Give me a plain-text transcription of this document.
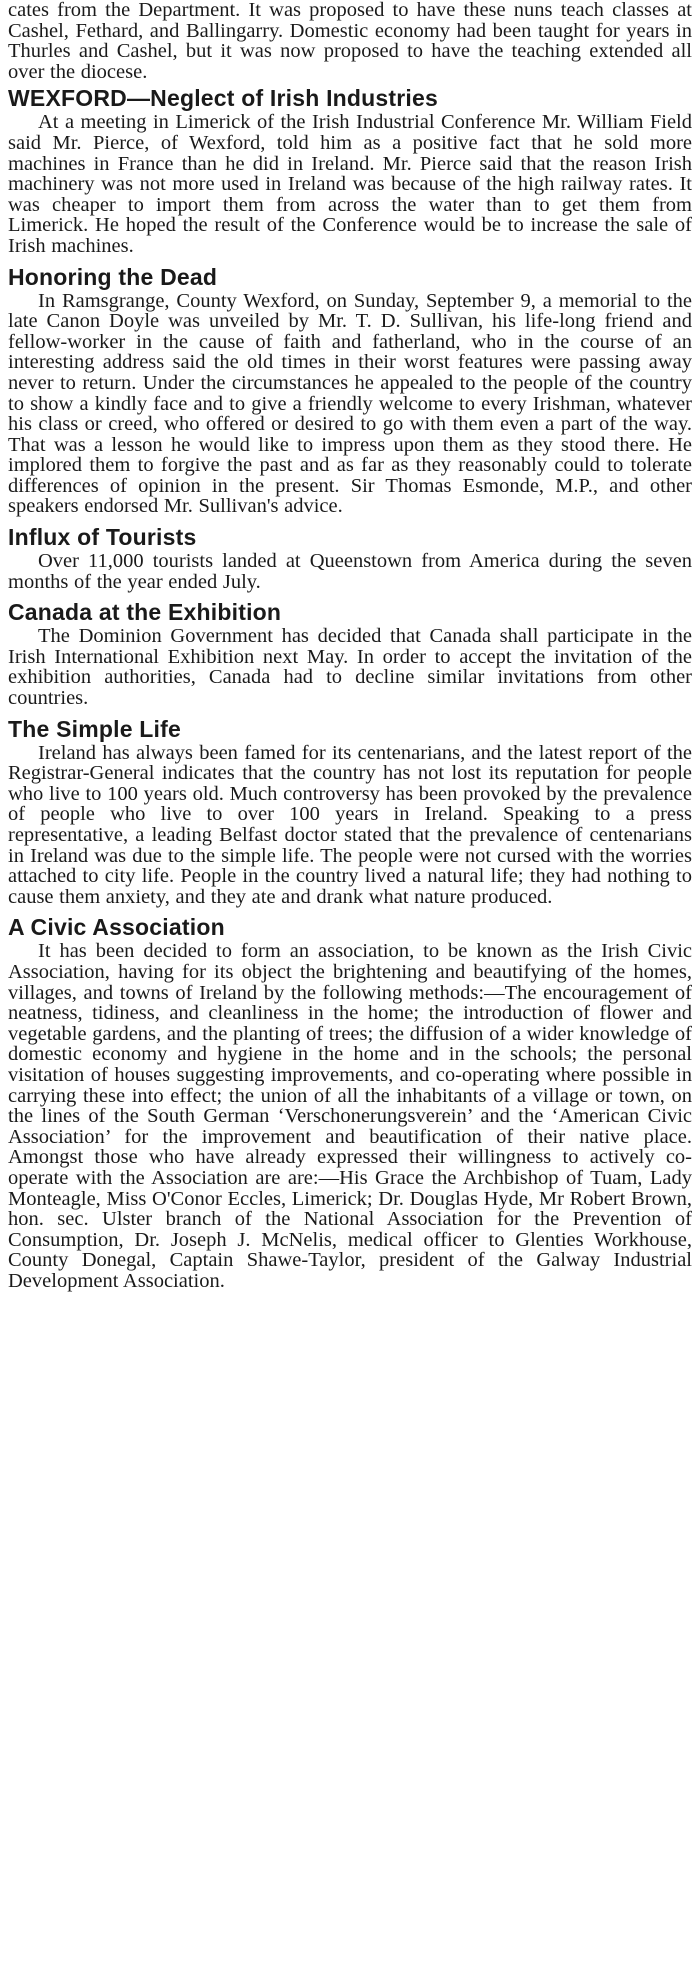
cates from the Department. It was proposed to have these nuns teach classes at Cashel, Fethard, and Ballingarry. Domestic economy had been taught for years in Thurles and Cashel, but it was now proposed to have the teaching extended all over the diocese.

WEXFORD—Neglect of Irish Industries

At a meeting in Limerick of the Irish Industrial Conference Mr. William Field said Mr. Pierce, of Wexford, told him as a positive fact that he sold more machines in France than he did in Ireland. Mr. Pierce said that the reason Irish machinery was not more used in Ireland was because of the high railway rates. It was cheaper to import them from across the water than to get them from Limerick. He hoped the result of the Conference would be to increase the sale of Irish machines.

Honoring the Dead

In Ramsgrange, County Wexford, on Sunday, September 9, a memorial to the late Canon Doyle was unveiled by Mr. T. D. Sullivan, his life-long friend and fellow-worker in the cause of faith and fatherland, who in the course of an interesting address said the old times in their worst features were passing away never to return. Under the circumstances he appealed to the people of the country to show a kindly face and to give a friendly welcome to every Irishman, whatever his class or creed, who offered or desired to go with them even a part of the way. That was a lesson he would like to impress upon them as they stood there. He implored them to forgive the past and as far as they reasonably could to tolerate differences of opinion in the present. Sir Thomas Esmonde, M.P., and other speakers endorsed Mr. Sullivan's advice.

Influx of Tourists

Over 11,000 tourists landed at Queenstown from America during the seven months of the year ended July.

Canada at the Exhibition

The Dominion Government has decided that Canada shall participate in the Irish International Exhibition next May. In order to accept the invitation of the exhibition authorities, Canada had to decline similar invitations from other countries.

The Simple Life

Ireland has always been famed for its centenarians, and the latest report of the Registrar-General indicates that the country has not lost its reputation for people who live to 100 years old. Much controversy has been provoked by the prevalence of people who live to over 100 years in Ireland. Speaking to a press representative, a leading Belfast doctor stated that the prevalence of centenarians in Ireland was due to the simple life. The people were not cursed with the worries attached to city life. People in the country lived a natural life; they had nothing to cause them anxiety, and they ate and drank what nature produced.

A Civic Association

It has been decided to form an association, to be known as the Irish Civic Association, having for its object the brightening and beautifying of the homes, villages, and towns of Ireland by the following methods:—The encouragement of neatness, tidiness, and cleanliness in the home; the introduction of flower and vegetable gardens, and the planting of trees; the diffusion of a wider knowledge of domestic economy and hygiene in the home and in the schools; the personal visitation of houses suggesting improvements, and co-operating where possible in carrying these into effect; the union of all the inhabitants of a village or town, on the lines of the South German ‘Verschonerungsverein’ and the ‘American Civic Association’ for the improvement and beautification of their native place. Amongst those who have already expressed their willingness to actively co-operate with the Association are are:—His Grace the Archbishop of Tuam, Lady Monteagle, Miss O'Conor Eccles, Limerick; Dr. Douglas Hyde, Mr Robert Brown, hon. sec. Ulster branch of the National Association for the Prevention of Consumption, Dr. Joseph J. McNelis, medical officer to Glenties Workhouse, County Donegal, Captain Shawe-Taylor, president of the Galway Industrial Development Association.
